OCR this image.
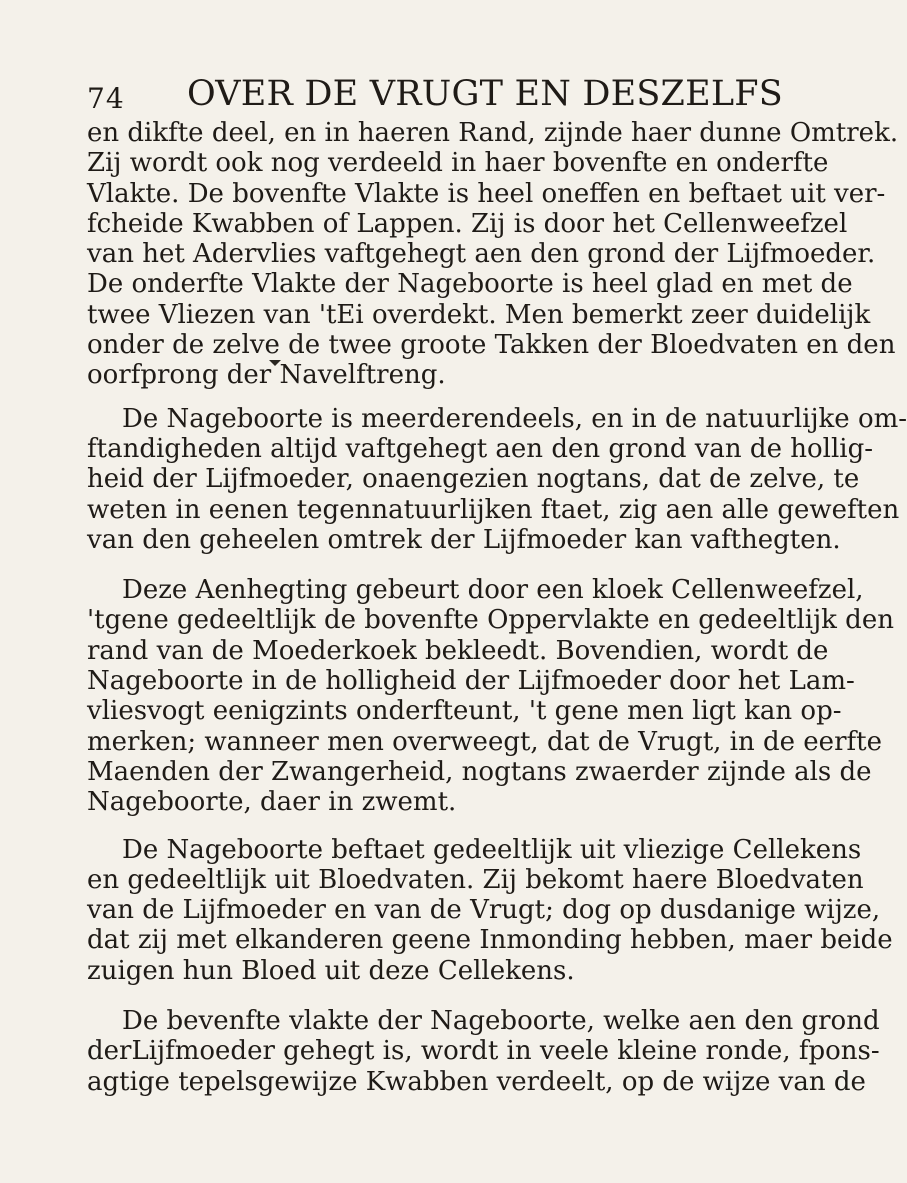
74 OVER DE VRUGT EN DESZELFS
en dikfte deel, en in haeren Rand, zijnde haer dunne Omtrek.
Zij wordt ook nog verdeeld in haer bovenfte en onderfte
Vlakte. De bovenfte Vlakte is heel oneffen en beftaet uit ver-
fcheide Kwabben of Lappen. Zij is door het Cellenweefzel
van het Adervlies vaftgehegt aen den grond der Lijfmoeder.
De onderfte Vlakte der Nageboorte is heel glad en met de
twee Vliezen van 'tEi overdekt. Men bemerkt zeer duidelijk
onder de zelve de twee groote Takken der Bloedvaten en den
oorfprong der Navelftreng.
De Nageboorte is meerderendeels, en in de natuurlijke om-
ftandigheden altijd vaftgehegt aen den grond van de hollig-
heid der Lijfmoeder, onaengezien nogtans, dat de zelve, te
weten in eenen tegennatuurlijken ftaet, zig aen alle geweften
van den geheelen omtrek der Lijfmoeder kan vafthegten.
Deze Aenhegting gebeurt door een kloek Cellenweefzel,
'tgene gedeeltlijk de bovenfte Oppervlakte en gedeeltlijk den
rand van de Moederkoek bekleedt. Bovendien, wordt de
Nageboorte in de holligheid der Lijfmoeder door het Lam-
vliesvogt eenigzints onderfteunt, 't gene men ligt kan op-
merken; wanneer men overweegt, dat de Vrugt, in de eerfte
Maenden der Zwangerheid, nogtans zwaerder zijnde als de
Nageboorte, daer in zwemt.
De Nageboorte beftaet gedeeltlijk uit vliezige Cellekens
en gedeeltlijk uit Bloedvaten. Zij bekomt haere Bloedvaten
van de Lijfmoeder en van de Vrugt; dog op dusdanige wijze,
dat zij met elkanderen geene Inmonding hebben, maer beide
zuigen hun Bloed uit deze Cellekens.
De bevenfte vlakte der Nageboorte, welke aen den grond
derLijfmoeder gehegt is, wordt in veele kleine ronde, fpons-
agtige tepelsgewijze Kwabben verdeelt, op de wijze van de
